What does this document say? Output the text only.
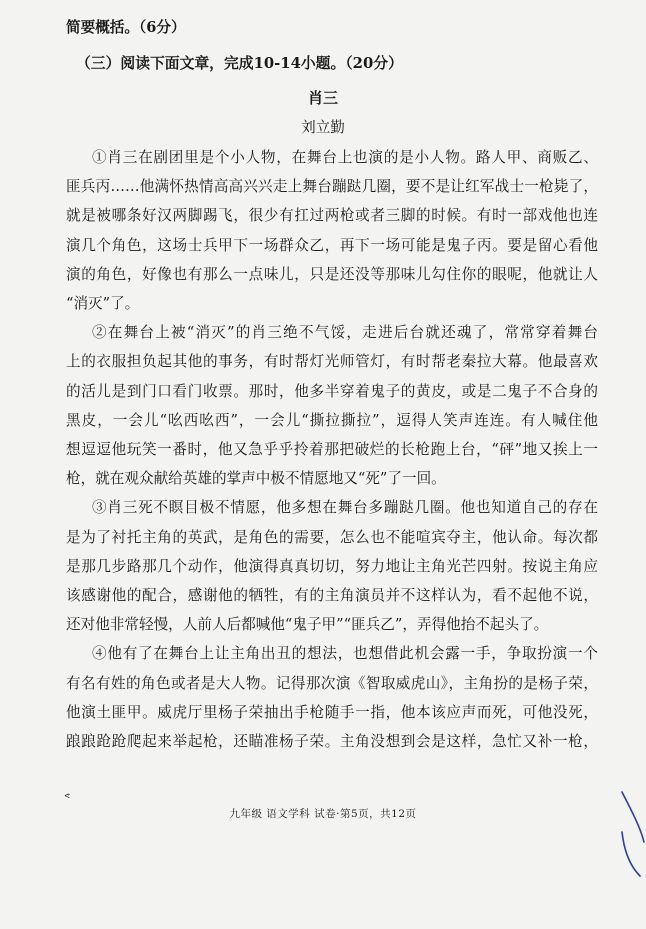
简要概括。（6分）
（三）阅读下面文章，完成10-14小题。（20分）
肖三
刘立勤
①肖三在剧团里是个小人物，在舞台上也演的是小人物。路人甲、商贩乙、
匪兵丙……他满怀热情高高兴兴走上舞台蹦跶几圈，要不是让红军战士一枪毙了，
就是被哪条好汉两脚踢飞，很少有扛过两枪或者三脚的时候。有时一部戏他也连
演几个角色，这场士兵甲下一场群众乙，再下一场可能是鬼子丙。要是留心看他
演的角色，好像也有那么一点味儿，只是还没等那味儿勾住你的眼呢，他就让人
“消灭”了。
②在舞台上被“消灭”的肖三绝不气馁，走进后台就还魂了，常常穿着舞台
上的衣服担负起其他的事务，有时帮灯光师管灯，有时帮老秦拉大幕。他最喜欢
的活儿是到门口看门收票。那时，他多半穿着鬼子的黄皮，或是二鬼子不合身的
黑皮，一会儿“吆西吆西”，一会儿“撕拉撕拉”，逗得人笑声连连。有人喊住他
想逗逗他玩笑一番时，他又急乎乎拎着那把破烂的长枪跑上台，“砰”地又挨上一
枪，就在观众献给英雄的掌声中极不情愿地又“死”了一回。
③肖三死不瞑目极不情愿，他多想在舞台多蹦跶几圈。他也知道自己的存在
是为了衬托主角的英武，是角色的需要，怎么也不能喧宾夺主，他认命。每次都
是那几步路那几个动作，他演得真真切切，努力地让主角光芒四射。按说主角应
该感谢他的配合，感谢他的牺牲，有的主角演员并不这样认为，看不起他不说，
还对他非常轻慢，人前人后都喊他“鬼子甲”“匪兵乙”，弄得他抬不起头了。
④他有了在舞台上让主角出丑的想法，也想借此机会露一手，争取扮演一个
有名有姓的角色或者是大人物。记得那次演《智取威虎山》，主角扮的是杨子荣，
他演土匪甲。威虎厅里杨子荣抽出手枪随手一指，他本该应声而死，可他没死，
踉踉跄跄爬起来举起枪，还瞄准杨子荣。主角没想到会是这样，急忙又补一枪，
ᕝ
九年级 语文学科 试卷·第5页，共12页
